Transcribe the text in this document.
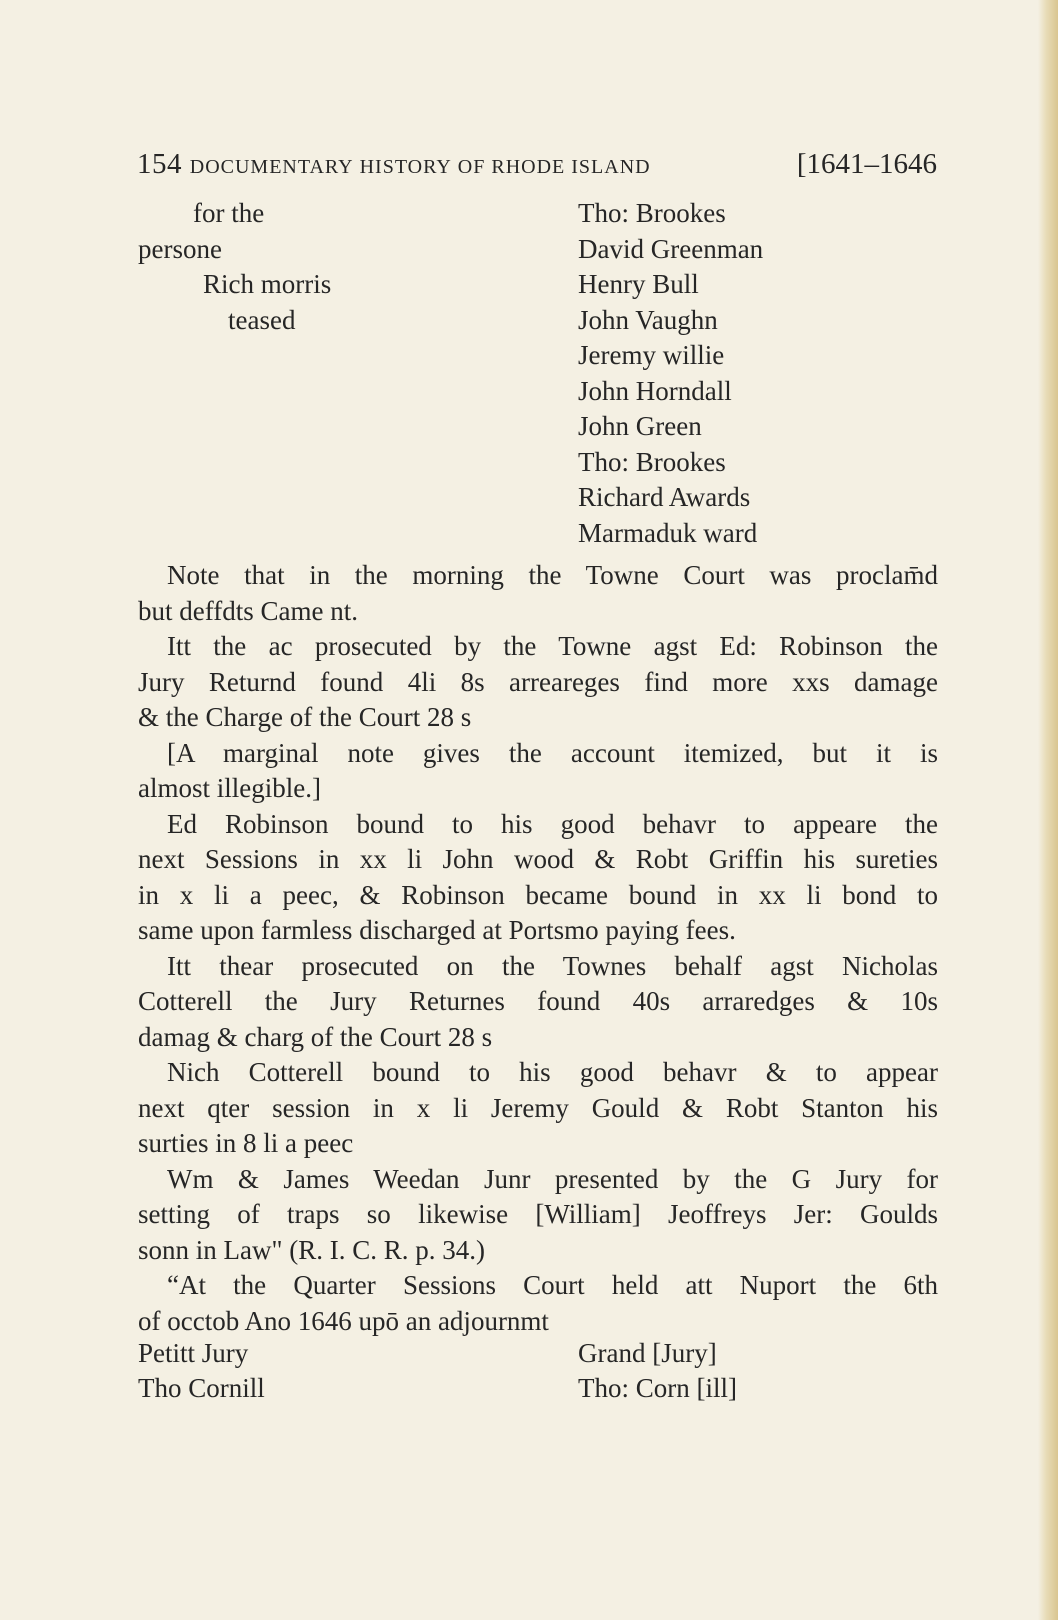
154 documentary history of rhode island	[1641–1646
for the
persone
Rich morris
teased
Tho: Brookes
David Greenman
Henry Bull
John Vaughn
Jeremy willie
John Horndall
John Green
Tho: Brookes
Richard Awards
Marmaduk ward
Note that in the morning the Towne Court was proclam̄d
but deffdts Came nt.
Itt the ac prosecuted by the Towne agst Ed: Robinson the
Jury Returnd found 4li 8s arreareges find more xxs damage
& the Charge of the Court 28 s
[A marginal note gives the account itemized, but it is
almost illegible.]
Ed Robinson bound to his good behavr to appeare the
next Sessions in xx li John wood & Robt Griffin his sureties
in x li a peec, & Robinson became bound in xx li bond to
same upon farmless discharged at Portsmo paying fees.
Itt thear prosecuted on the Townes behalf agst Nicholas
Cotterell the Jury Returnes found 40s arraredges & 10s
damag & charg of the Court 28 s
Nich Cotterell bound to his good behavr & to appear
next qter session in x li Jeremy Gould & Robt Stanton his
surties in 8 li a peec
Wm & James Weedan Junr presented by the G Jury for
setting of traps so likewise [William] Jeoffreys Jer: Goulds
sonn in Law" (R. I. C. R. p. 34.)
“At the Quarter Sessions Court held att Nuport the 6th
of occtob Ano 1646 upō an adjournmt
Petitt Jury
Tho Cornill
Grand [Jury]
Tho: Corn [ill]
